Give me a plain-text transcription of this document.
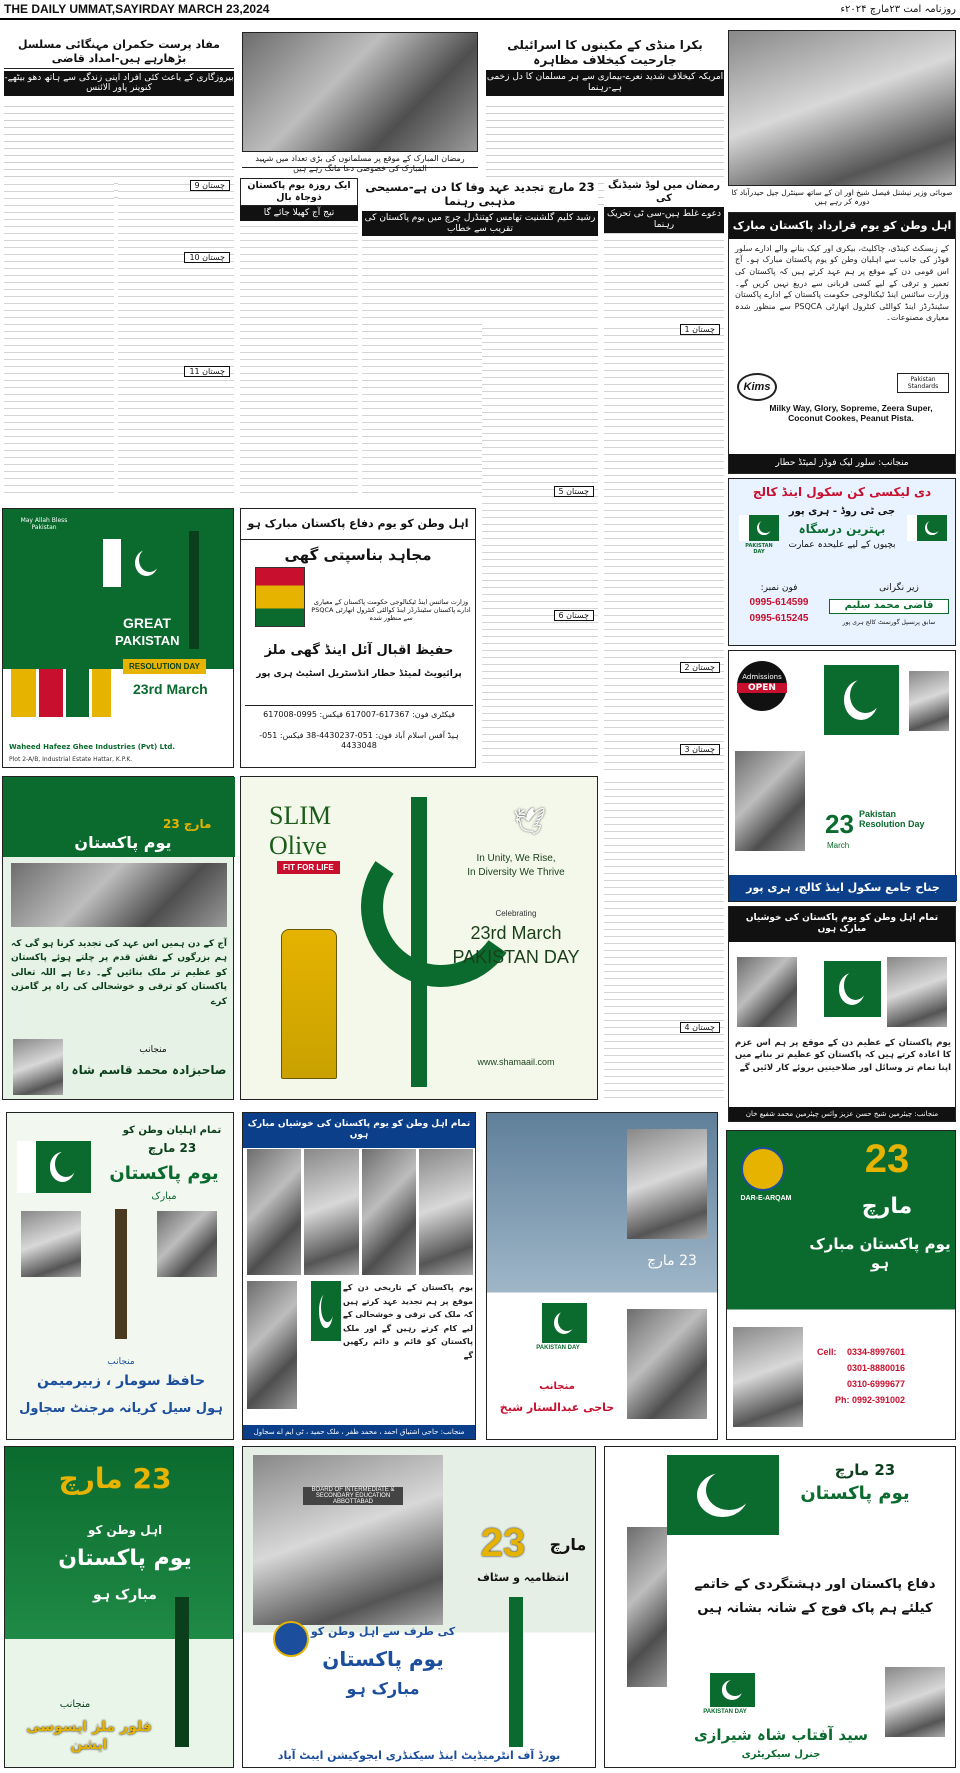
THE DAILY UMMAT,SAYIRDAY MARCH 23,2024	روزنامہ امت ۲۳مارچ ۲۰۲۴ء
مفاد پرست حکمران مہنگائی مسلسل بڑھارہے ہیں-امداد قاضی
بیروزگاری کے باعث کئی افراد اپنی زندگی سے ہاتھ دھو بیٹھے-کنوینر پاور الائنس
رمضان المبارک کے موقع پر مسلمانوں کی بڑی تعداد میں شہید المبارک کی خصوصی دعا مانگ رہے ہیں
بکرا منڈی کے مکینوں کا اسرائیلی جارحیت کیخلاف مظاہرہ
امریکہ کیخلاف شدید نعرے-بیماری سے ہر مسلمان کا دل زخمی ہے-رہنما
صوبائی وزیر نیشنل فیصل شیخ اور ان کے ساتھ سینٹرل جیل حیدرآباد کا دورہ کر رہے ہیں
چستان 9
چستان 10
چستان 11
ایک روزہ یوم پاکستان ذوجاہ بال
تیج آج کھیلا جائے گا
23 مارچ تجدید عہد وفا کا دن ہے-مسیحی مذہبی رہنما
رشید کلیم گلشنیت تھامس کھتنڈرل چرچ میں یوم پاکستان کی تقریب سے خطاب
رمضان میں لوڈ شیڈنگ کی
دعوے غلط ہیں-سی ٹی تحریک رہنما	اہل وطن کو یوم قرارداد پاکستان مبارک
کے زبسکٹ کینڈی، چاکلیٹ، بیکری اور کیک بنانے والے ادارے سلور فوڈز کی جانب سے اہلیان وطن کو یوم پاکستان مبارک ہو۔ آج اس قومی دن کے موقع پر ہم عہد کرتے ہیں کہ پاکستان کی تعمیر و ترقی کے لیے کسی قربانی سے دریغ نہیں کریں گے۔ وزارت سائنس اینڈ ٹیکنالوجی حکومت پاکستان کے ادارے پاکستان سٹینڈرڈز اینڈ کوالٹی کنٹرول اتھارٹی PSQCA سے منظور شدہ معیاری مصنوعات۔
Kims
Pakistan Standards
Milky Way, Glory, Sopreme, Zeera Super, Coconut Cookes, Peanut Pista.
منجانب: سلور لیک فوڈز لمیٹڈ حطار
چستان 1
چستان 2
چستان 3
چستان 4
چستان 5
چستان 6
May Allah Bless Pakistan
GREAT
PAKISTAN
RESOLUTION DAY
23rd March
Waheed Hafeez Ghee Industries (Pvt) Ltd.
Plot 2-A/B, Industrial Estate Hattar, K.P.K.
اہل وطن کو یوم دفاع پاکستان مبارک ہو
مجاہد بناسپتی گھی
وزارت سائنس اینڈ ٹیکنالوجی حکومت پاکستان کے معیاری ادارے پاکستان سٹینڈرڈز اینڈ کوالٹی کنٹرول اتھارٹی PSQCA سے منظور شدہ
حفیظ اقبال آئل اینڈ گھی ملز
پرائیویٹ لمیٹڈ حطار انڈسٹریل اسٹیٹ ہری پور
فیکٹری فون: 617367-617007 فیکس: 0995-617008
ہیڈ آفس اسلام آباد فون: 051-4430237-38 فیکس: 051-4433048
دی لیکسی کن سکول اینڈ کالج
جی ٹی روڈ - ہری پور
بہترین درسگاہ
بچیوں کے لیے علیحدہ عمارت
PAKISTAN DAY
فون نمبر:
0995-614599
0995-615245
زیر نگرانی
قاضی محمد سلیم
سابق پرنسپل گورنمنٹ کالج ہری پور
Admissions
OPEN
23
March
Pakistan Resolution Day
جناح جامع سکول اینڈ کالج، ہری پور
تمام اہل وطن کو یوم پاکستان کی خوشیاں مبارک ہوں
یوم پاکستان کے عظیم دن کے موقع پر ہم اس عزم کا اعادہ کرتے ہیں کہ پاکستان کو عظیم تر بنانے میں اپنا تمام تر وسائل اور صلاحیتیں بروئے کار لائیں گے
منجانب: چیئرمین شیخ حسن عزیز وائس چیئرمین محمد شفیع خان
23 مارچ
یوم پاکستان
آج کے دن ہمیں اس عہد کی تجدید کرنا ہو گی کہ ہم بزرگوں کے نقش قدم پر چلتے ہوئے پاکستان کو عظیم تر ملک بنائیں گے۔ دعا ہے اللہ تعالی پاکستان کو ترقی و خوشحالی کی راہ پر گامزن کرے
منجانب
صاحبزادہ محمد قاسم شاہ
SLIM Olive
FIT FOR LIFE
🕊
In Unity, We Rise,
In Diversity We Thrive
Celebrating
23rd March
PAKISTAN DAY
www.shamaail.com
تمام اہلیان وطن کو
23 مارچ
یوم پاکستان
مبارک
منجانب
حافظ سومار ، زبیرمیمن
ہول سیل کریانہ مرجنٹ سجاول
تمام اہل وطن کو یوم پاکستان کی خوشیاں مبارک ہوں
یوم پاکستان کے تاریخی دن کے موقع پر ہم تجدید عہد کرتے ہیں کہ ملک کی ترقی و خوشحالی کے لیے کام کرتے رہیں گے اور ملک پاکستان کو قائم و دائم رکھیں گے
منجانب: حاجی اشتیاق احمد ، محمد ظفر ، ملک حمید ، ٹی ایم اے سجاول
23 مارچ
PAKISTAN DAY
منجانب
حاجی عبدالستار شیخ
DAR-E-ARQAM
23
مارچ
یوم پاکستان مبارک ہو
Cell: 0334-8997601
0301-8880016
0310-6999677
Ph: 0992-391002
23 مارچ
اہل وطن کو
یوم پاکستان
مبارک ہو
منجانب
فلور ملز ایسوسی ایشن
BOARD OF INTERMEDIATE & SECONDARY EDUCATION ABBOTTABAD
23	مارچ
انتظامیہ و سٹاف
کی طرف سے اہل وطن کو
یوم پاکستان
مبارک ہو
بورڈ آف انٹرمیڈیٹ اینڈ سیکنڈری ایجوکیشن ایبٹ آباد
23 مارچ
یوم پاکستان
دفاع پاکستان اور دہشتگردی کے خاتمے
کیلئے ہم پاک فوج کے شانہ بشانہ ہیں
PAKISTAN DAY
سید آفتاب شاہ شیرازی
جنرل سیکریٹری
